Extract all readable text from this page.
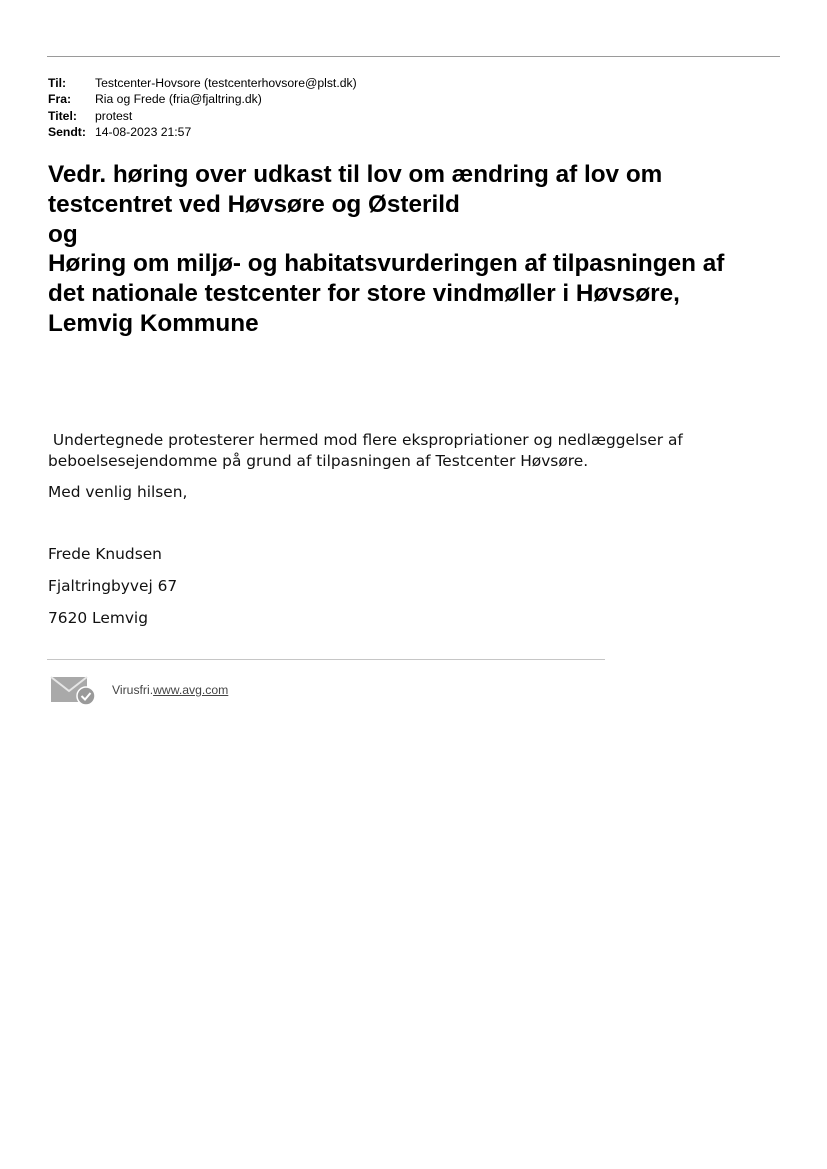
Til:	Testcenter-Hovsore (testcenterhovsore@plst.dk)
Fra:	Ria og Frede (fria@fjaltring.dk)
Titel:	protest
Sendt: 14-08-2023 21:57
Vedr. høring over udkast til lov om ændring af lov om
testcentret ved Høvsøre og Østerild
og
Høring om miljø- og habitatsvurderingen af tilpasningen af
det nationale testcenter for store vindmøller i Høvsøre,
Lemvig Kommune
Undertegnede protesterer hermed mod flere ekspropriationer og nedlæggelser af
beboelsesejendomme på grund af tilpasningen af Testcenter Høvsøre.
Med venlig hilsen,
Frede Knudsen
Fjaltringbyvej 67
7620 Lemvig
Virusfri.www.avg.com
